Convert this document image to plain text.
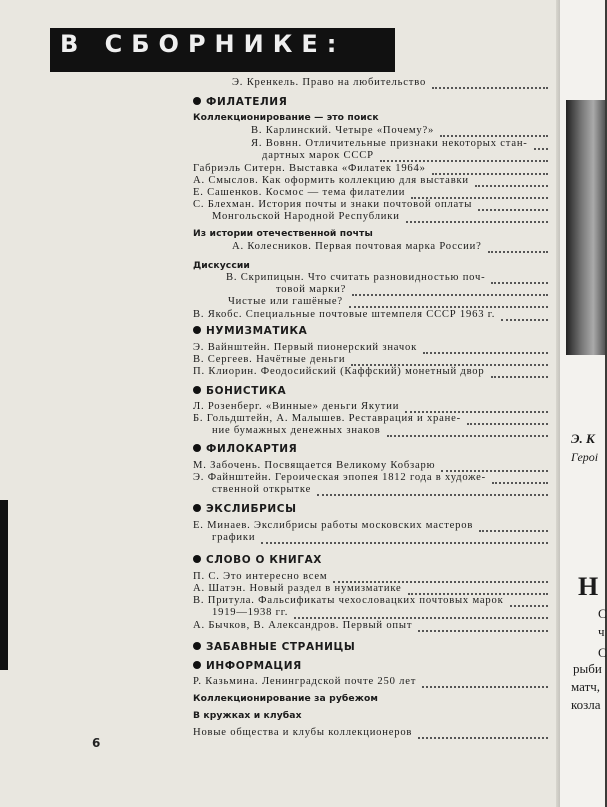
В СБОРНИКЕ:
Э. Кренкель. Право на любительство
ФИЛАТЕЛИЯ
Коллекционирование — это поиск
В. Карлинский. Четыре «Почему?»
Я. Вовнн. Отличительные признаки некоторых стан-
дартных марок СССР
Габриэль Ситерн. Выставка «Филатек 1964»
А. Смыслов. Как оформить коллекцию для выставки
Е. Сашенков. Космос — тема филателии
С. Блехман. История почты и знаки почтовой оплаты
Монгольской Народной Республики
Из истории отечественной почты
А. Колесников. Первая почтовая марка России?
Дискуссии
В. Скрипицын. Что считать разновидностью поч-
товой марки?
Чистые или гашёные?
В. Якобс. Специальные почтовые штемпеля СССР 1963 г.
НУМИЗМАТИКА
Э. Вайнштейн. Первый пионерский значок
В. Сергеев. Начётные деньги
П. Клиорин. Феодосийский (Каффский) монетный двор
БОНИСТИКА
Л. Розенберг. «Винные» деньги Якутии
Б. Гольдштейн, А. Малышев. Реставрация и хране-
ние бумажных денежных знаков
ФИЛОКАРТИЯ
М. Забочень. Посвящается Великому Кобзарю
Э. Файнштейн. Героическая эпопея 1812 года в художе-
ственной открытке
ЭКСЛИБРИСЫ
Е. Минаев. Экслибрисы работы московских мастеров
графики
СЛОВО О КНИГАХ
П. С. Это интересно всем
А. Шатэн. Новый раздел в нумизматике
В. Притула. Фальсификаты чехословацких почтовых марок
1919—1938 гг.
А. Бычков, В. Александров. Первый опыт
ЗАБАВНЫЕ СТРАНИЦЫ
ИНФОРМАЦИЯ
Р. Казьмина. Ленинградской почте 250 лет
Коллекционирование за рубежом
В кружках и клубах
Новые общества и клубы коллекционеров
6
Э. К
Героі
Н
С
ч
С
рыби
матч,
козла
